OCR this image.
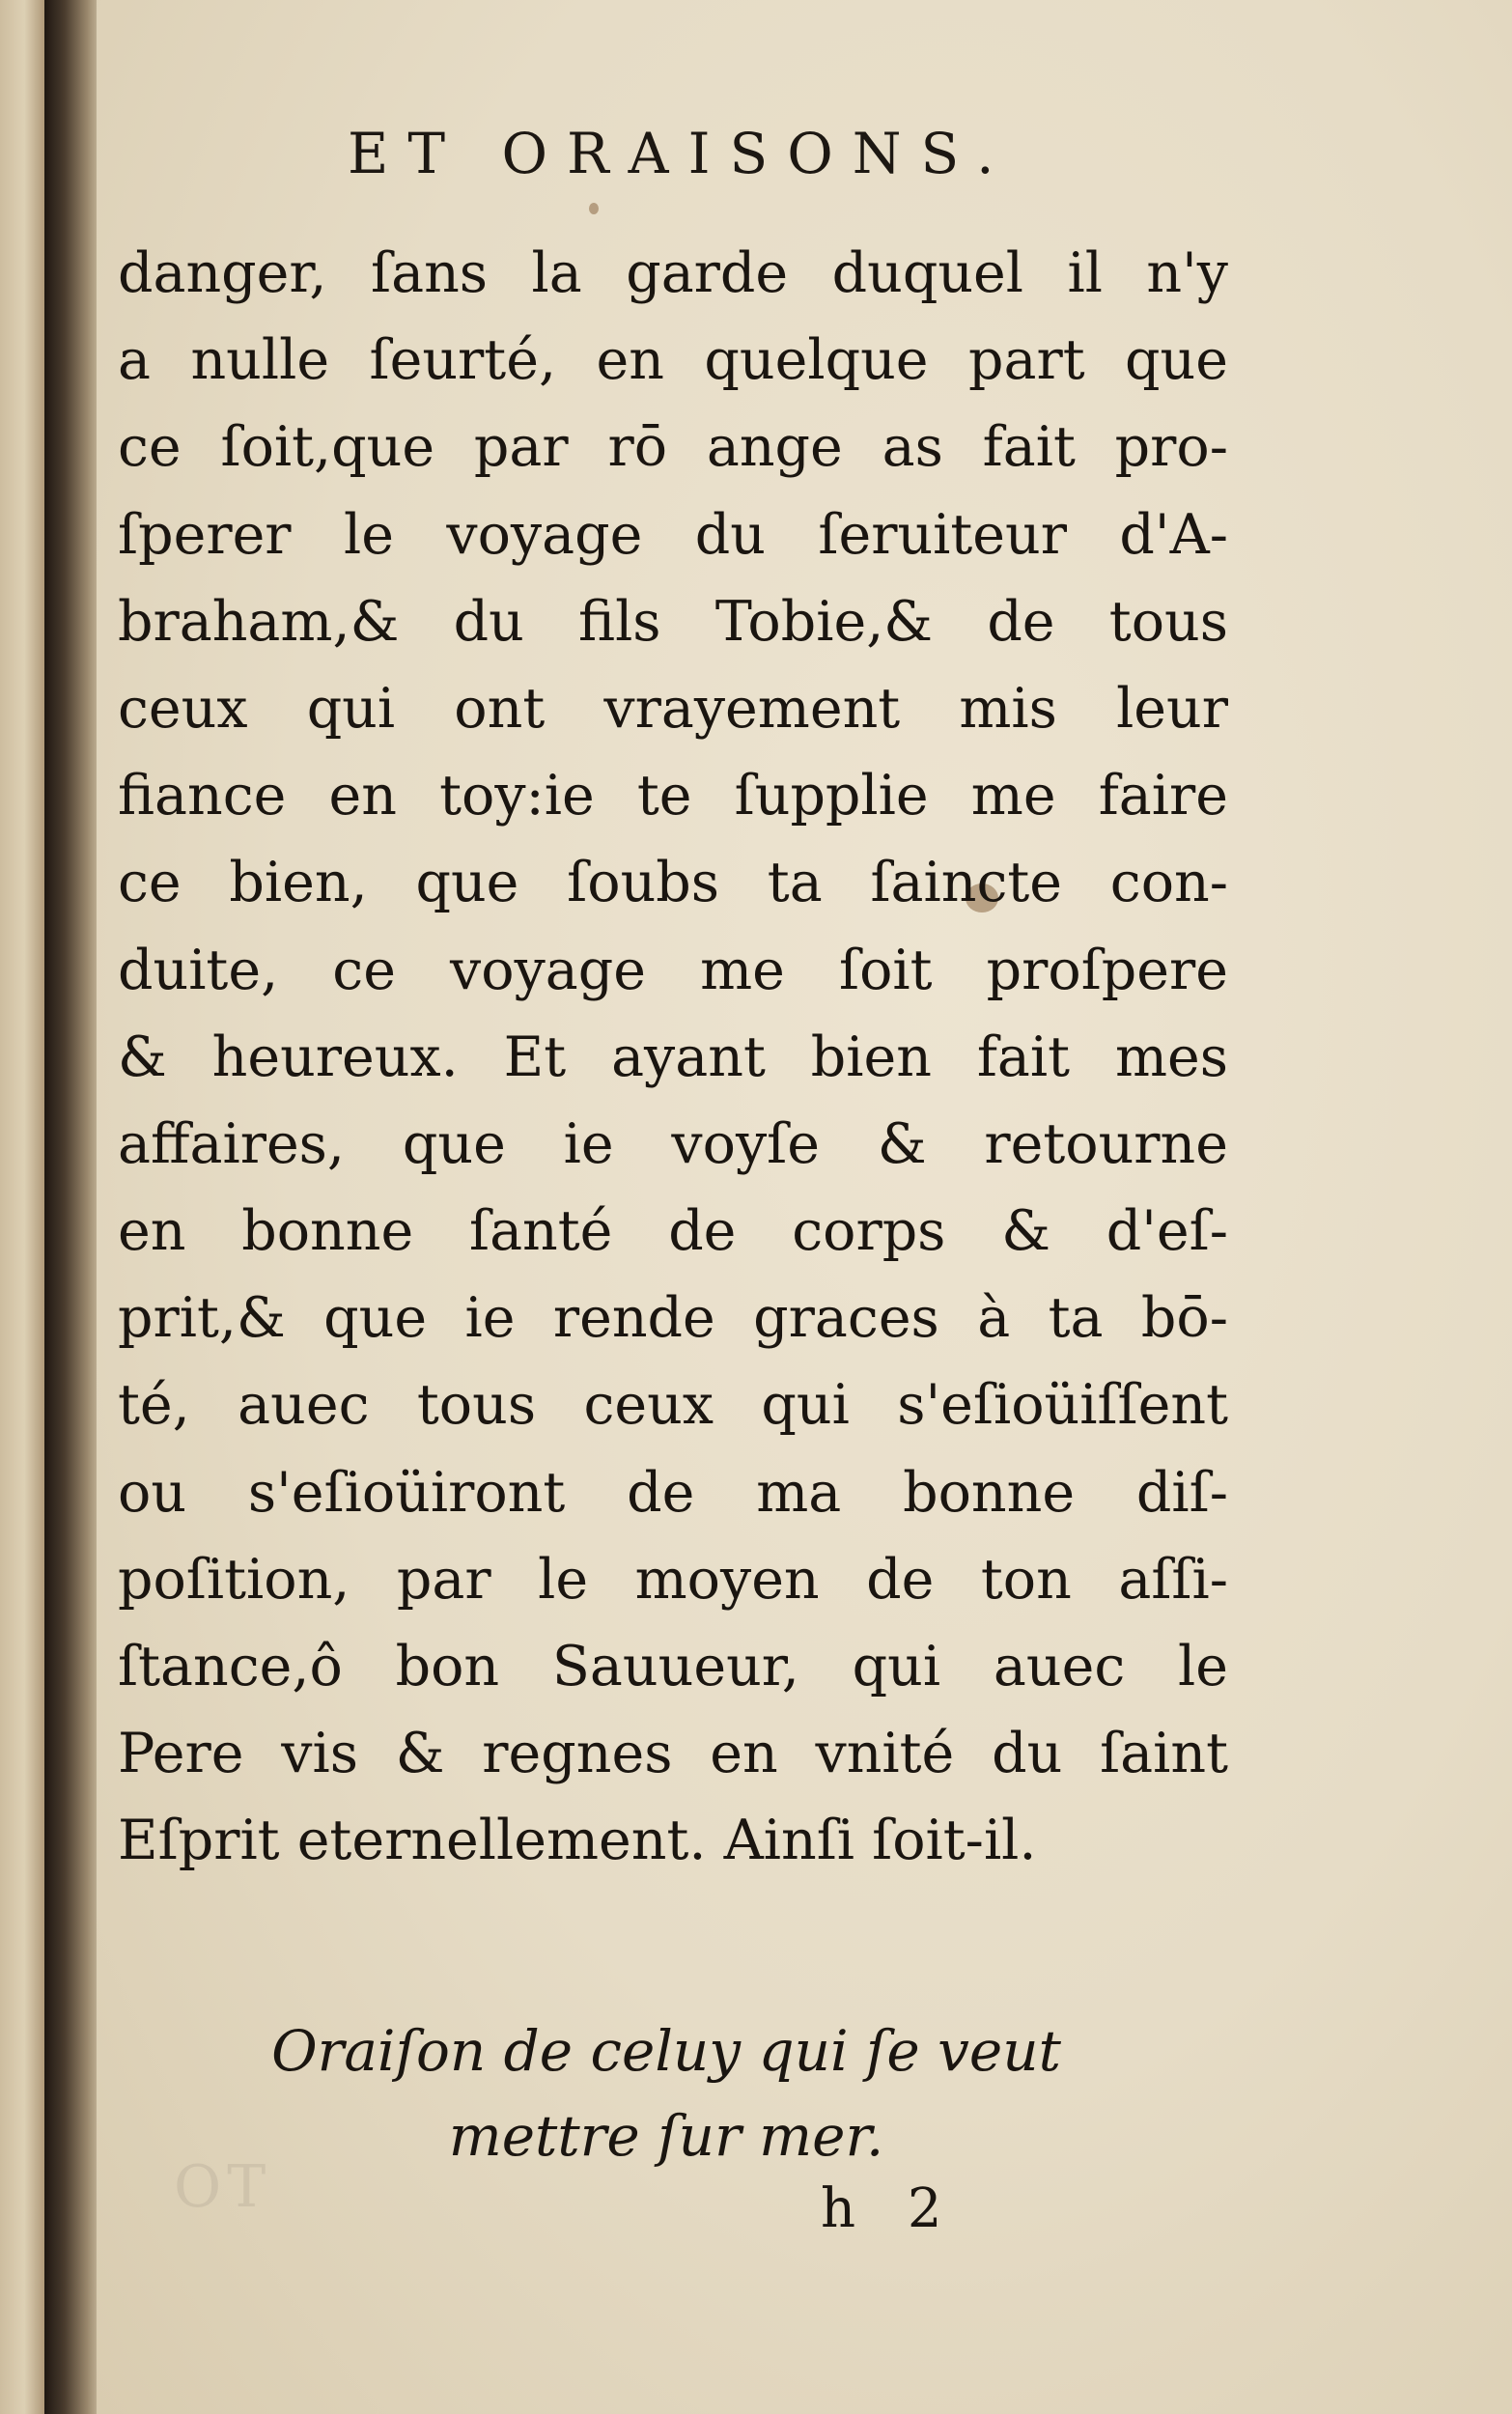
OT
ET ORAISONS.
danger, ſans la garde duquel il n'y
a nulle ſeurté, en quelque part que
ce ſoit,que par rō ange as fait pro-
ſperer le voyage du ſeruiteur d'A-
braham,& du fils Tobie,& de tous
ceux qui ont vrayement mis leur
fiance en toy:ie te ſupplie me faire
ce bien, que ſoubs ta ſaincte con-
duite, ce voyage me ſoit proſpere
& heureux. Et ayant bien fait mes
affaires, que ie voyſe & retourne
en bonne ſanté de corps & d'eſ-
prit,& que ie rende graces à ta bō-
té, auec tous ceux qui s'eſioüiſſent
ou s'eſioüiront de ma bonne diſ-
poſition, par le moyen de ton aſſi-
ſtance,ô bon Sauueur, qui auec le
Pere vis & regnes en vnité du ſaint
Eſprit eternellement. Ainſi ſoit-il.
Oraiſon de celuy qui ſe veut
mettre ſur mer.
h 2
